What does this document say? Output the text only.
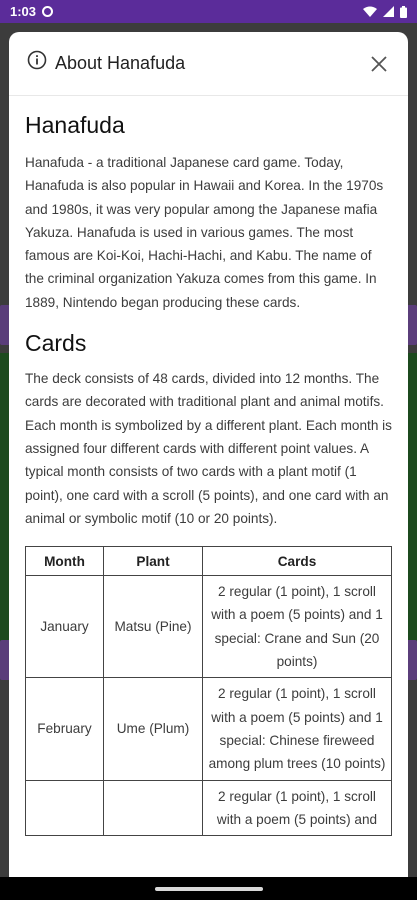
1:03
About Hanafuda
Hanafuda

Hanafuda - a traditional Japanese card game. Today, Hanafuda is also popular in Hawaii and Korea. In the 1970s and 1980s, it was very popular among the Japanese mafia Yakuza. Hanafuda is used in various games. The most famous are Koi-Koi, Hachi-Hachi, and Kabu. The name of the criminal organization Yakuza comes from this game. In 1889, Nintendo began producing these cards.

Cards

The deck consists of 48 cards, divided into 12 months. The cards are decorated with traditional plant and animal motifs. Each month is symbolized by a different plant. Each month is assigned four different cards with different point values. A typical month consists of two cards with a plant motif (1 point), one card with a scroll (5 points), and one card with an animal or symbolic motif (10 or 20 points).

Month	Plant	Cards
January	Matsu (Pine)	2 regular (1 point), 1 scroll with a poem (5 points) and 1 special: Crane and Sun (20 points)
February	Ume (Plum)	2 regular (1 point), 1 scroll with a poem (5 points) and 1 special: Chinese fireweed among plum trees (10 points)
		2 regular (1 point), 1 scroll with a poem (5 points) and
